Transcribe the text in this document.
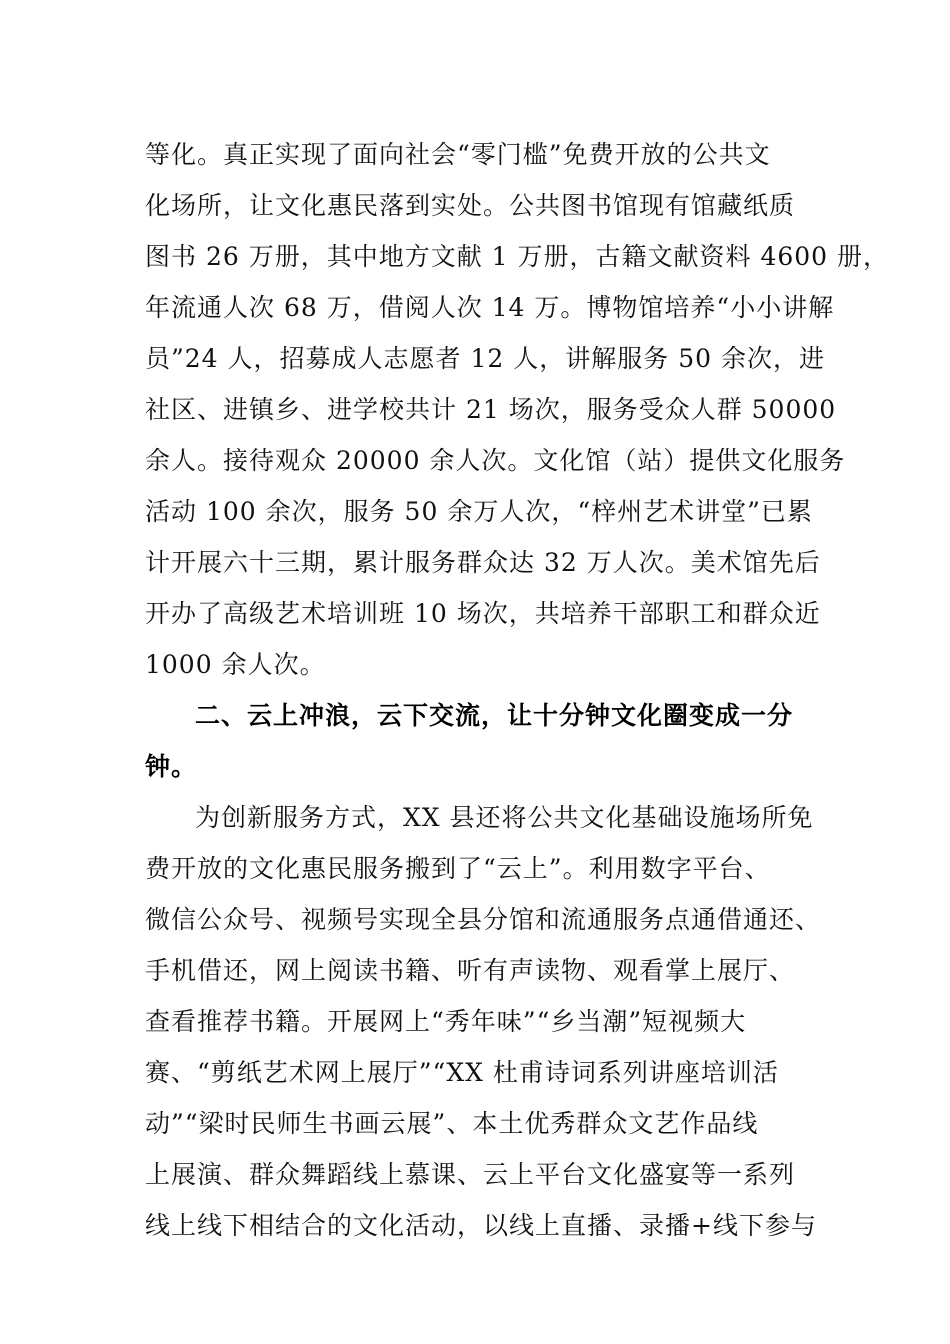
等化。真正实现了面向社会“零门槛”免费开放的公共文
化场所，让文化惠民落到实处。公共图书馆现有馆藏纸质
图书 26 万册，其中地方文献 1 万册，古籍文献资料 4600 册，
年流通人次 68 万，借阅人次 14 万。博物馆培养“小小讲解
员”24 人，招募成人志愿者 12 人，讲解服务 50 余次，进
社区、进镇乡、进学校共计 21 场次，服务受众人群 50000
余人。接待观众 20000 余人次。文化馆（站）提供文化服务
活动 100 余次，服务 50 余万人次，“梓州艺术讲堂”已累
计开展六十三期，累计服务群众达 32 万人次。美术馆先后
开办了高级艺术培训班 10 场次，共培养干部职工和群众近
1000 余人次。
二、云上冲浪，云下交流，让十分钟文化圈变成一分
钟。
为创新服务方式，XX 县还将公共文化基础设施场所免
费开放的文化惠民服务搬到了“云上”。利用数字平台、
微信公众号、视频号实现全县分馆和流通服务点通借通还、
手机借还，网上阅读书籍、听有声读物、观看掌上展厅、
查看推荐书籍。开展网上“秀年味”“乡当潮”短视频大
赛、“剪纸艺术网上展厅”“XX 杜甫诗词系列讲座培训活
动”“梁时民师生书画云展”、本土优秀群众文艺作品线
上展演、群众舞蹈线上慕课、云上平台文化盛宴等一系列
线上线下相结合的文化活动，以线上直播、录播+线下参与
